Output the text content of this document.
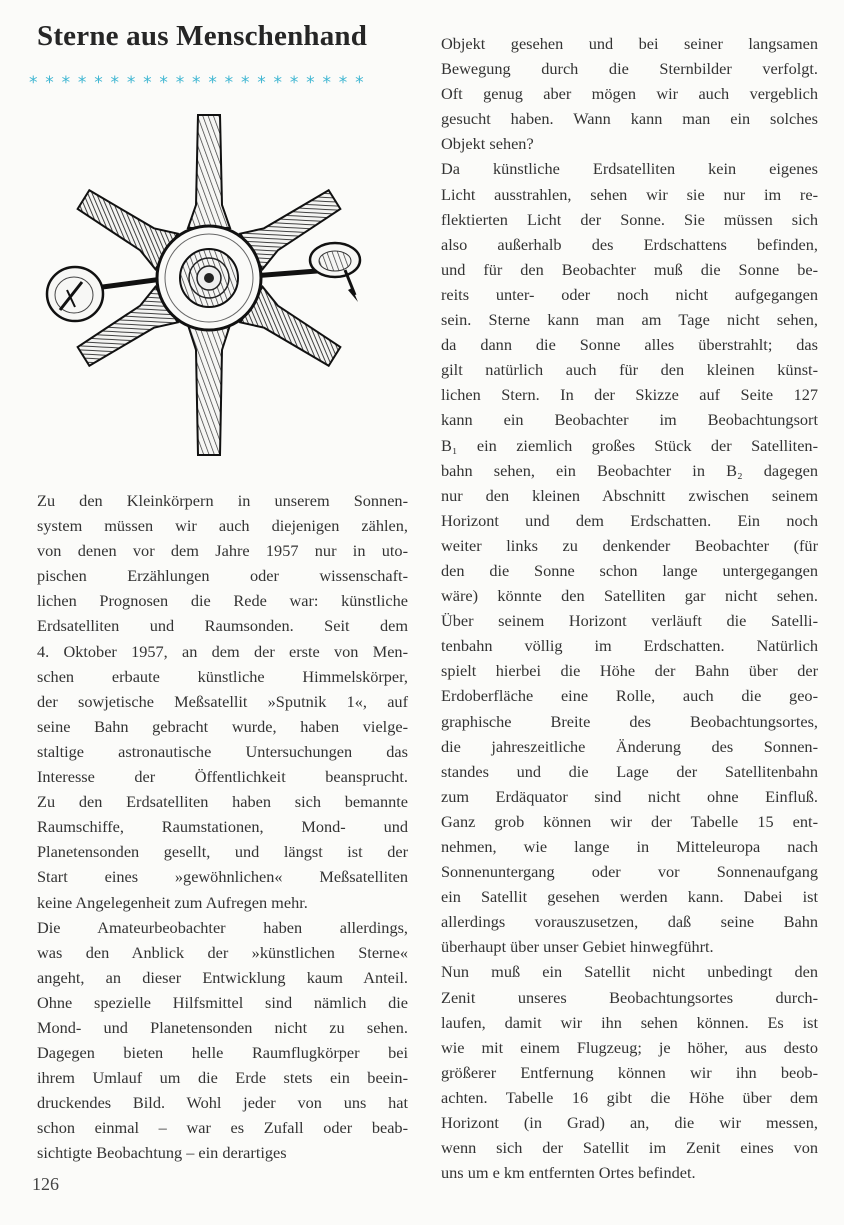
Sterne aus Menschenhand
* * * * * * * * * * * * * * * * * * * * *

Zu den Kleinkörpern in unserem Sonnen-

system müssen wir auch diejenigen zählen,

von denen vor dem Jahre 1957 nur in uto-

pischen Erzählungen oder wissenschaft-

lichen Prognosen die Rede war: künstliche

Erdsatelliten und Raumsonden. Seit dem

4. Oktober 1957, an dem der erste von Men-

schen erbaute künstliche Himmelskörper,

der sowjetische Meßsatellit »Sputnik 1«, auf

seine Bahn gebracht wurde, haben vielge-

staltige astronautische Untersuchungen das

Interesse der Öffentlichkeit beansprucht.

Zu den Erdsatelliten haben sich bemannte

Raumschiffe, Raumstationen, Mond- und

Planetensonden gesellt, und längst ist der

Start eines »gewöhnlichen« Meßsatelliten

keine Angelegenheit zum Aufregen mehr.

Die Amateurbeobachter haben allerdings,

was den Anblick der »künstlichen Sterne«

angeht, an dieser Entwicklung kaum Anteil.

Ohne spezielle Hilfsmittel sind nämlich die

Mond- und Planetensonden nicht zu sehen.

Dagegen bieten helle Raumflugkörper bei

ihrem Umlauf um die Erde stets ein beein-

druckendes Bild. Wohl jeder von uns hat

schon einmal – war es Zufall oder beab-

sichtigte Beobachtung – ein derartiges

Objekt gesehen und bei seiner langsamen

Bewegung durch die Sternbilder verfolgt.

Oft genug aber mögen wir auch vergeblich

gesucht haben. Wann kann man ein solches

Objekt sehen?

Da künstliche Erdsatelliten kein eigenes

Licht ausstrahlen, sehen wir sie nur im re-

flektierten Licht der Sonne. Sie müssen sich

also außerhalb des Erdschattens befinden,

und für den Beobachter muß die Sonne be-

reits unter- oder noch nicht aufgegangen

sein. Sterne kann man am Tage nicht sehen,

da dann die Sonne alles überstrahlt; das

gilt natürlich auch für den kleinen künst-

lichen Stern. In der Skizze auf Seite 127

kann ein Beobachter im Beobachtungsort

B₁ ein ziemlich großes Stück der Satelliten-

bahn sehen, ein Beobachter in B₂ dagegen

nur den kleinen Abschnitt zwischen seinem

Horizont und dem Erdschatten. Ein noch

weiter links zu denkender Beobachter (für

den die Sonne schon lange untergegangen

wäre) könnte den Satelliten gar nicht sehen.

Über seinem Horizont verläuft die Satelli-

tenbahn völlig im Erdschatten. Natürlich

spielt hierbei die Höhe der Bahn über der

Erdoberfläche eine Rolle, auch die geo-

graphische Breite des Beobachtungsortes,

die jahreszeitliche Änderung des Sonnen-

standes und die Lage der Satellitenbahn

zum Erdäquator sind nicht ohne Einfluß.

Ganz grob können wir der Tabelle 15 ent-

nehmen, wie lange in Mitteleuropa nach

Sonnenuntergang oder vor Sonnenaufgang

ein Satellit gesehen werden kann. Dabei ist

allerdings vorauszusetzen, daß seine Bahn

überhaupt über unser Gebiet hinwegführt.

Nun muß ein Satellit nicht unbedingt den

Zenit unseres Beobachtungsortes durch-

laufen, damit wir ihn sehen können. Es ist

wie mit einem Flugzeug; je höher, aus desto

größerer Entfernung können wir ihn beob-

achten. Tabelle 16 gibt die Höhe über dem

Horizont (in Grad) an, die wir messen,

wenn sich der Satellit im Zenit eines von

uns um e km entfernten Ortes befindet.

126
